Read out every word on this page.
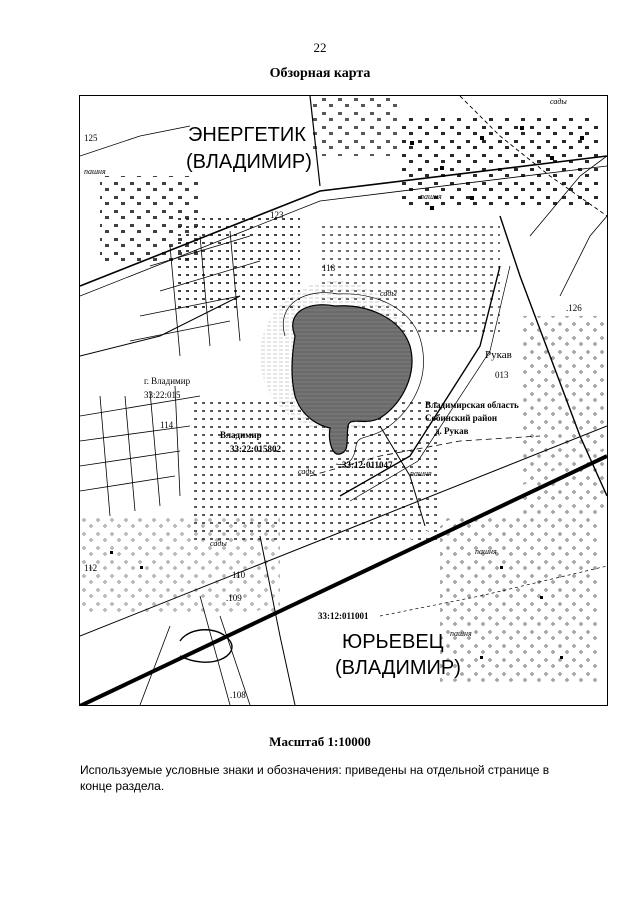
22
Обзорная карта
ЭНЕРГЕТИК
(ВЛАДИМИР)
ЮРЬЕВЕЦ
(ВЛАДИМИР)
Рукав
013
Владимирская область
Собинский район
д. Рукав
г. Владимир
33:22:015
Владимир
33:22:015802
33:12:011047
33:12:011001
125
123
118
.126
114
112
110
.109
.108
сады
пашня
пашня
пашня
сады
сады
сады
пашня
пашня
Масштаб 1:10000
Используемые условные знаки и обозначения: приведены на отдельной странице в конце раздела.
